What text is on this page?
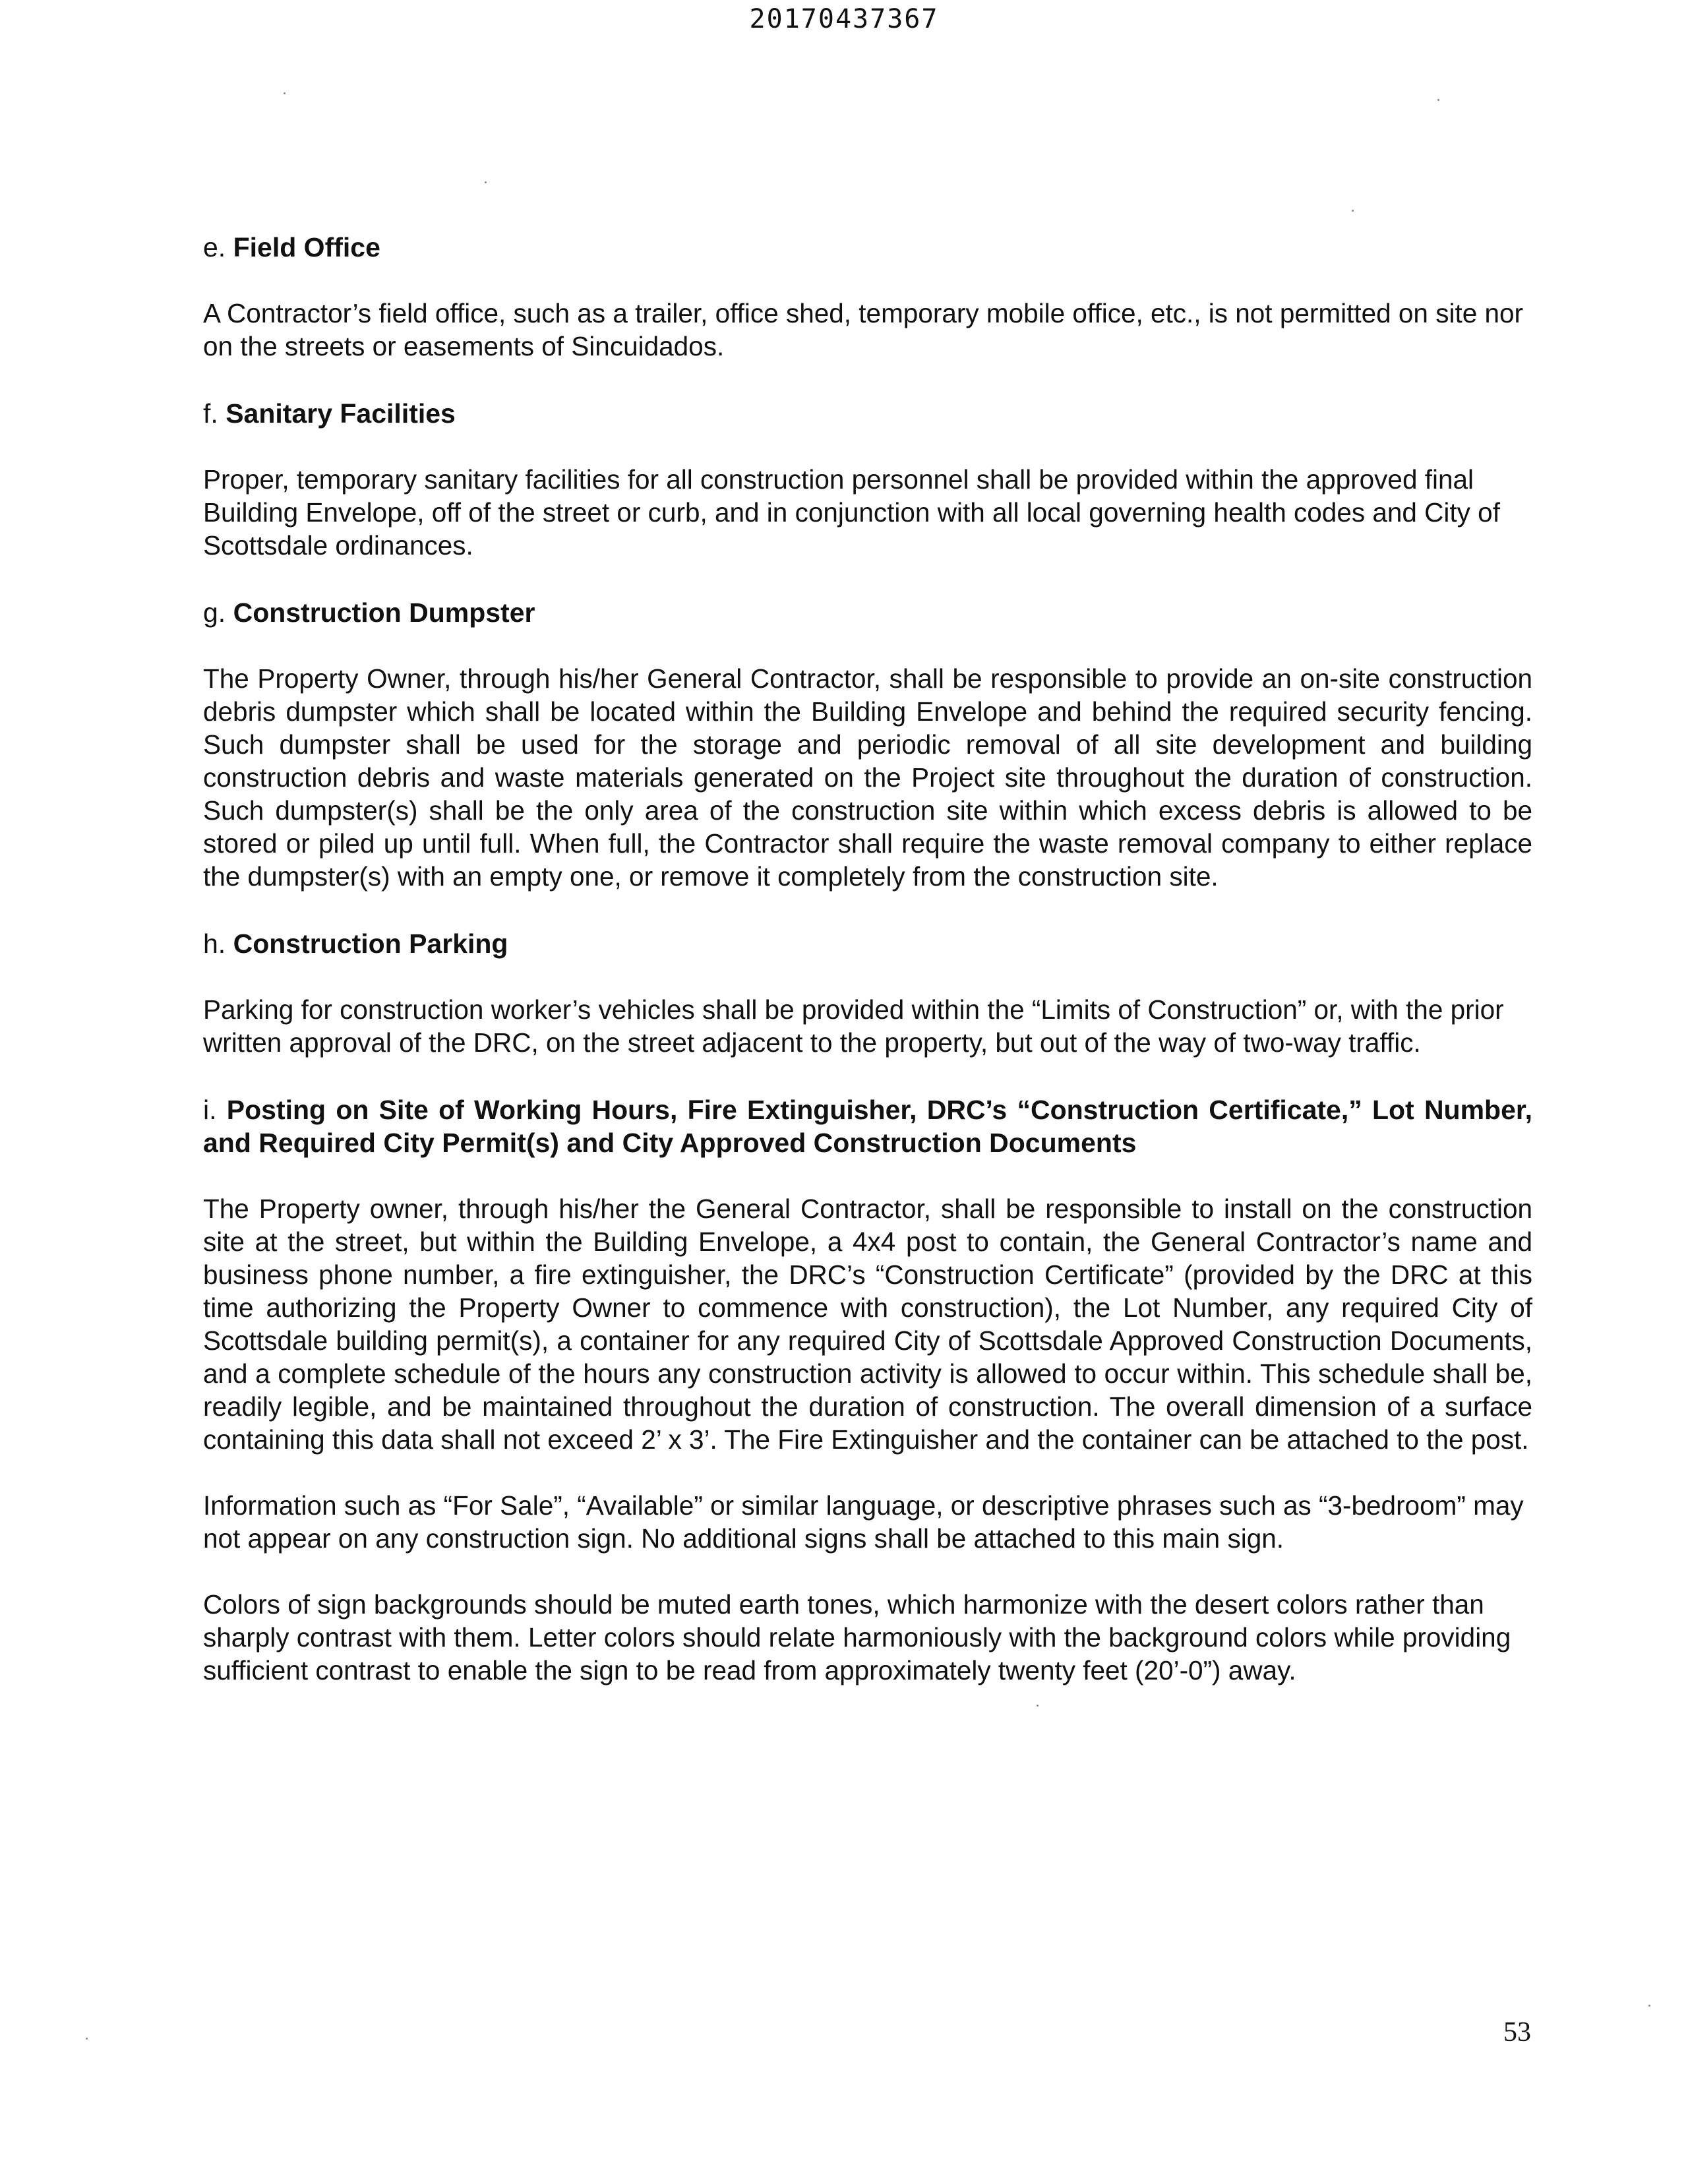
20170437367
e. Field Office

A Contractor’s field office, such as a trailer, office shed, temporary mobile office, etc., is not permitted on site nor on the streets or easements of Sincuidados.

f. Sanitary Facilities

Proper, temporary sanitary facilities for all construction personnel shall be provided within the approved final Building Envelope, off of the street or curb, and in conjunction with all local governing health codes and City of Scottsdale ordinances.

g. Construction Dumpster

The Property Owner, through his/her General Contractor, shall be responsible to provide an on-site construction debris dumpster which shall be located within the Building Envelope and behind the required security fencing. Such dumpster shall be used for the storage and periodic removal of all site development and building construction debris and waste materials generated on the Project site throughout the duration of construction. Such dumpster(s) shall be the only area of the construction site within which excess debris is allowed to be stored or piled up until full. When full, the Contractor shall require the waste removal company to either replace the dumpster(s) with an empty one, or remove it completely from the construction site.

h. Construction Parking

Parking for construction worker’s vehicles shall be provided within the “Limits of Construction” or, with the prior written approval of the DRC, on the street adjacent to the property, but out of the way of two-way traffic.

i. Posting on Site of Working Hours, Fire Extinguisher, DRC’s “Construction Certificate,” Lot Number, and Required City Permit(s) and City Approved Construction Documents

The Property owner, through his/her the General Contractor, shall be responsible to install on the construction site at the street, but within the Building Envelope, a 4x4 post to contain, the General Contractor’s name and business phone number, a fire extinguisher, the DRC’s “Construction Certificate” (provided by the DRC at this time authorizing the Property Owner to commence with construction), the Lot Number, any required City of Scottsdale building permit(s), a container for any required City of Scottsdale Approved Construction Documents, and a complete schedule of the hours any construction activity is allowed to occur within. This schedule shall be, readily legible, and be maintained throughout the duration of construction. The overall dimension of a surface containing this data shall not exceed 2’ x 3’. The Fire Extinguisher and the container can be attached to the post.

Information such as “For Sale”, “Available” or similar language, or descriptive phrases such as “3-bedroom” may not appear on any construction sign. No additional signs shall be attached to this main sign.

Colors of sign backgrounds should be muted earth tones, which harmonize with the desert colors rather than sharply contrast with them. Letter colors should relate harmoniously with the background colors while providing sufficient contrast to enable the sign to be read from approximately twenty feet (20’-0”) away.

53
